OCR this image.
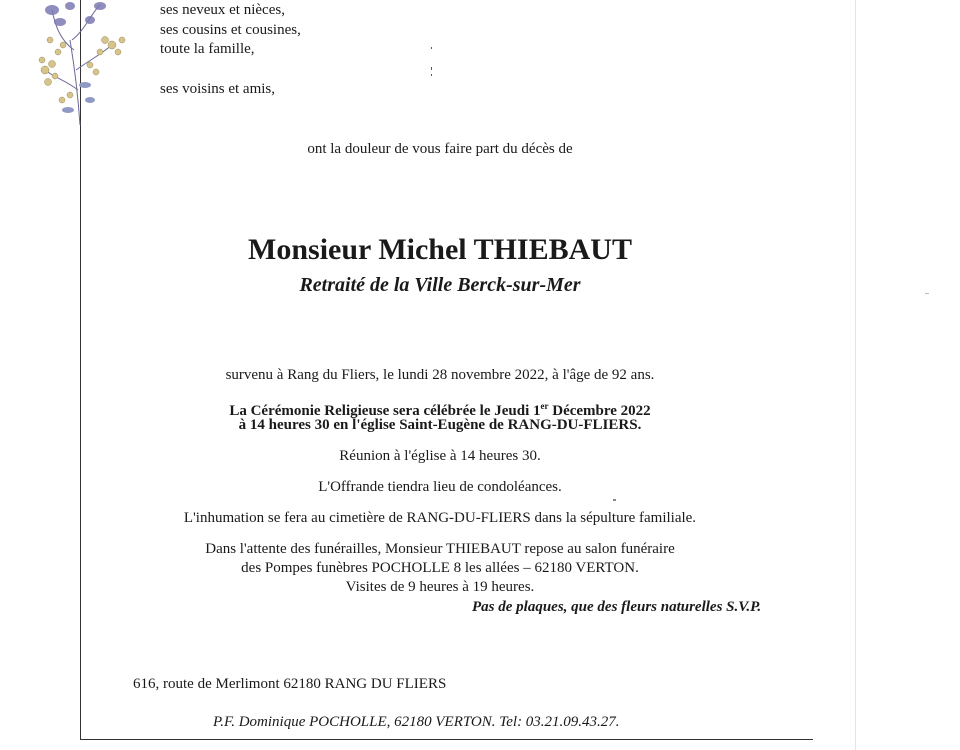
ses neveux et nièces,
ses cousins et cousines,
toute la famille,
ses voisins et amis,
ont la douleur de vous faire part du décès de
Monsieur Michel THIEBAUT
Retraité de la Ville Berck-sur-Mer
survenu à Rang du Fliers, le lundi 28 novembre 2022, à l'âge de 92 ans.
La Cérémonie Religieuse sera célébrée le Jeudi 1er Décembre 2022
à 14 heures 30 en l'église Saint-Eugène de RANG-DU-FLIERS.
Réunion à l'église à 14 heures 30.
L'Offrande tiendra lieu de condoléances.
L'inhumation se fera au cimetière de RANG-DU-FLIERS dans la sépulture familiale.
Dans l'attente des funérailles, Monsieur THIEBAUT repose au salon funéraire
des Pompes funèbres POCHOLLE 8 les allées – 62180 VERTON.
Visites de 9 heures à 19 heures.
Pas de plaques, que des fleurs naturelles S.V.P.
616, route de Merlimont 62180 RANG DU FLIERS
P.F. Dominique POCHOLLE, 62180 VERTON. Tel: 03.21.09.43.27.
